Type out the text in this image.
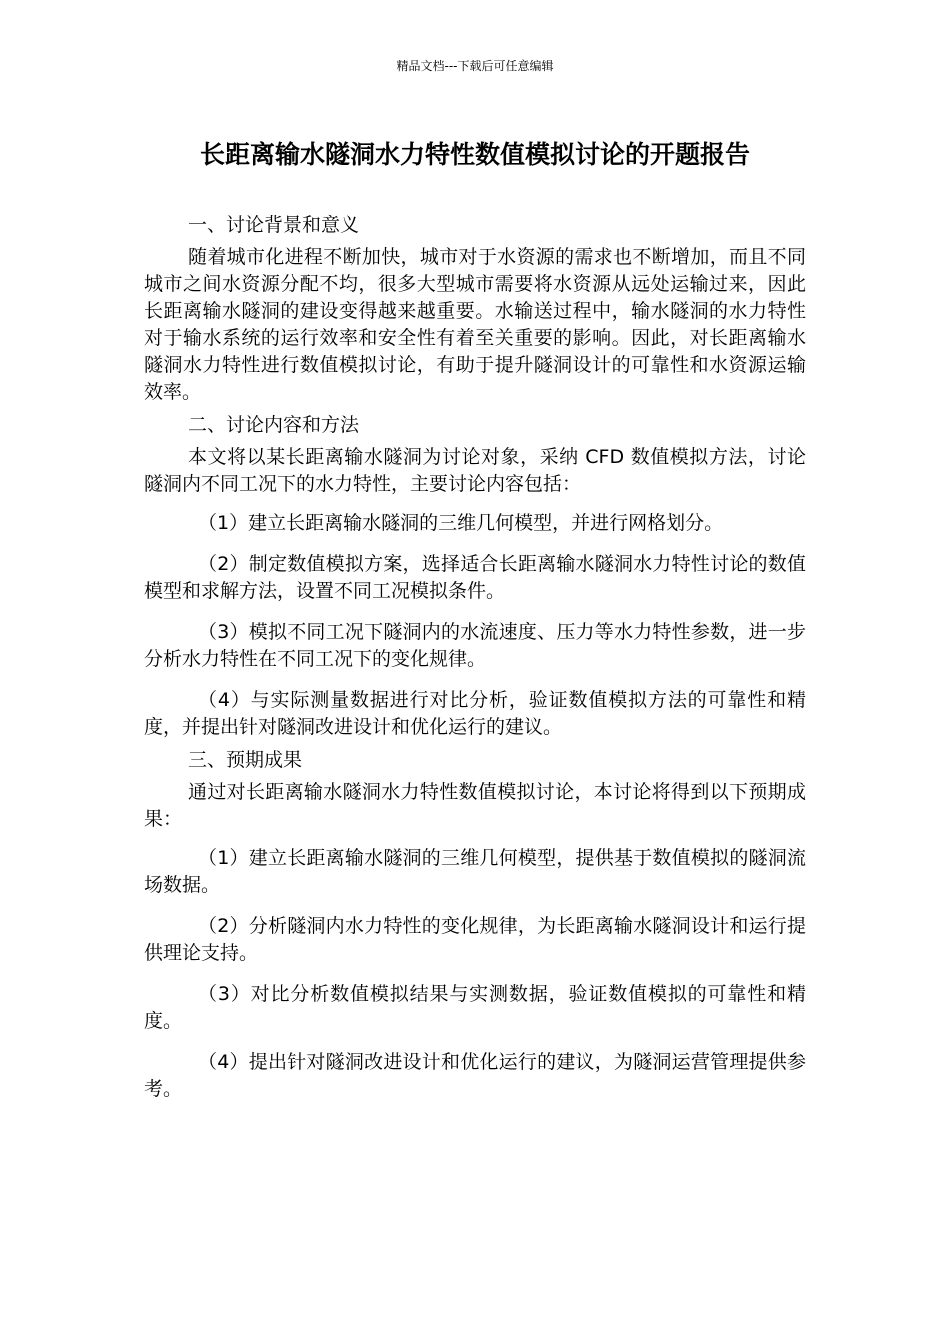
精品文档---下载后可任意编辑
长距离输水隧洞水力特性数值模拟讨论的开题报告

一、讨论背景和意义

随着城市化进程不断加快，城市对于水资源的需求也不断增加，而且不同城市之间水资源分配不均，很多大型城市需要将水资源从远处运输过来，因此长距离输水隧洞的建设变得越来越重要。水输送过程中，输水隧洞的水力特性对于输水系统的运行效率和安全性有着至关重要的影响。因此，对长距离输水隧洞水力特性进行数值模拟讨论，有助于提升隧洞设计的可靠性和水资源运输效率。

二、讨论内容和方法

本文将以某长距离输水隧洞为讨论对象，采纳 CFD 数值模拟方法，讨论隧洞内不同工况下的水力特性，主要讨论内容包括：

（1）建立长距离输水隧洞的三维几何模型，并进行网格划分。

（2）制定数值模拟方案，选择适合长距离输水隧洞水力特性讨论的数值模型和求解方法，设置不同工况模拟条件。

（3）模拟不同工况下隧洞内的水流速度、压力等水力特性参数，进一步分析水力特性在不同工况下的变化规律。

（4）与实际测量数据进行对比分析，验证数值模拟方法的可靠性和精度，并提出针对隧洞改进设计和优化运行的建议。

三、预期成果

通过对长距离输水隧洞水力特性数值模拟讨论，本讨论将得到以下预期成果：

（1）建立长距离输水隧洞的三维几何模型，提供基于数值模拟的隧洞流场数据。

（2）分析隧洞内水力特性的变化规律，为长距离输水隧洞设计和运行提供理论支持。

（3）对比分析数值模拟结果与实测数据，验证数值模拟的可靠性和精度。

（4）提出针对隧洞改进设计和优化运行的建议，为隧洞运营管理提供参考。
